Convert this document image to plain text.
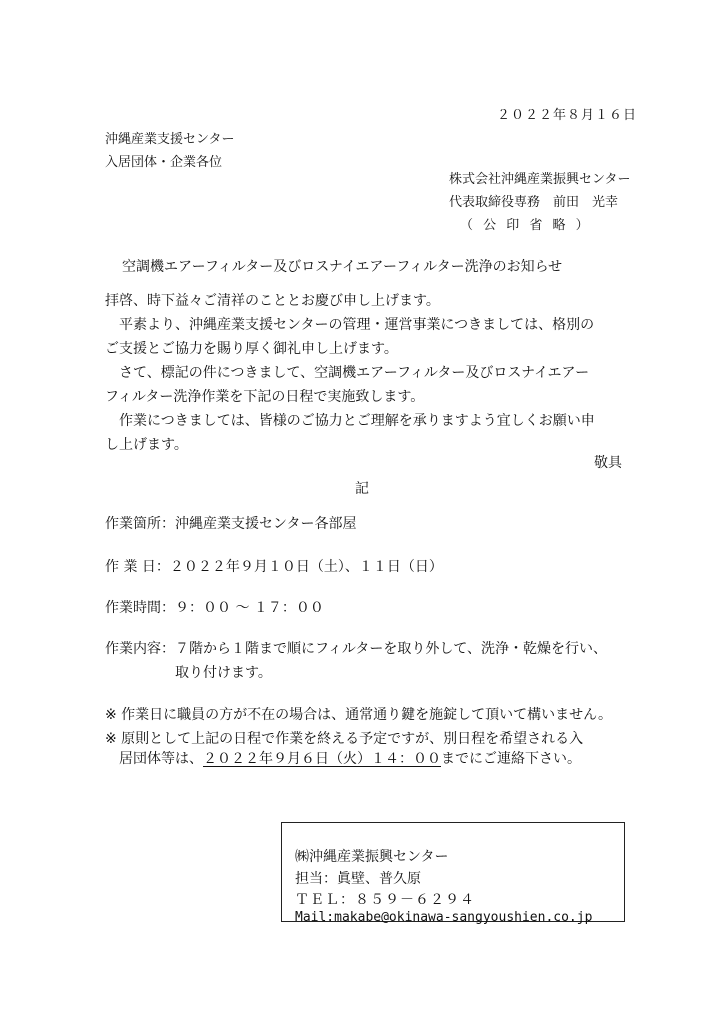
２０２２年８月１６日

沖縄産業支援センター

入居団体・企業各位

株式会社沖縄産業振興センター

代表取締役専務　前田　光幸

（ 公 印 省 略 ）

空調機エアーフィルター及びロスナイエアーフィルター洗浄のお知らせ

拝啓、時下益々ご清祥のこととお慶び申し上げます。

平素より、沖縄産業支援センターの管理・運営事業につきましては、格別の

ご支援とご協力を賜り厚く御礼申し上げます。

さて、標記の件につきまして、空調機エアーフィルター及びロスナイエアー

フィルター洗浄作業を下記の日程で実施致します。

作業につきましては、皆様のご協力とご理解を承りますよう宜しくお願い申

し上げます。

敬具

記

作業箇所：沖縄産業支援センター各部屋

作 業 日：２０２２年９月１０日（土）、１１日（日）

作業時間：９：００ ～ １７：００

作業内容：７階から１階まで順にフィルターを取り外して、洗浄・乾燥を行い、

取り付けます。

※ 作業日に職員の方が不在の場合は、通常通り鍵を施錠して頂いて構いません。

※ 原則として上記の日程で作業を終える予定ですが、別日程を希望される入

居団体等は、２０２２年９月６日（火）１４：００までにご連絡下さい。

㈱沖縄産業振興センター

担当：眞壁、普久原

ＴＥＬ：８５９－６２９４

Mail:makabe@okinawa-sangyoushien.co.jp
